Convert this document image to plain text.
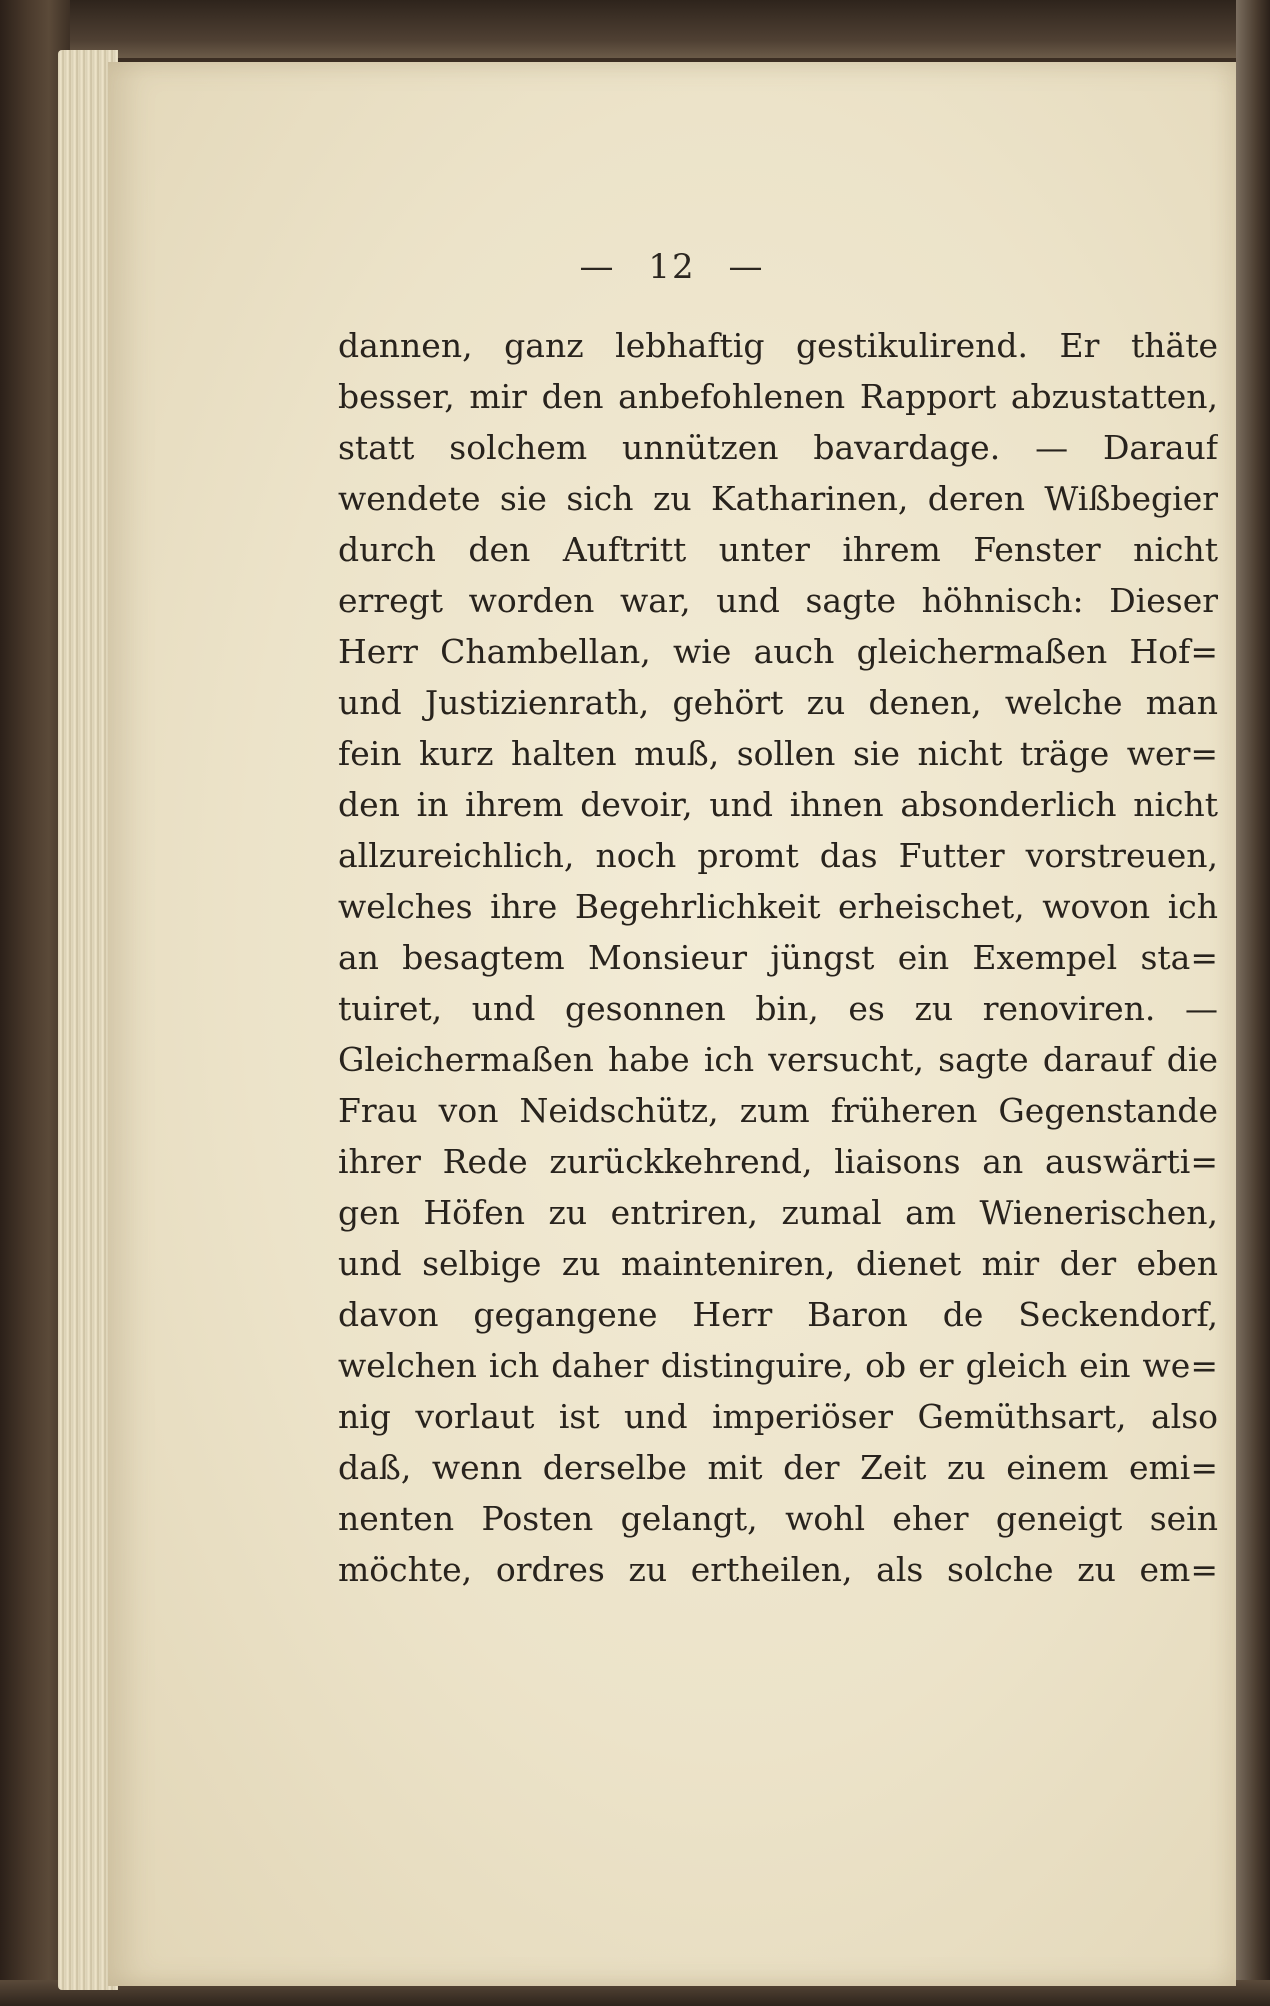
— 12 —
dannen, ganz lebhaftig gestikulirend. Er thäte
besser, mir den anbefohlenen Rapport abzustatten,
statt solchem unnützen bavardage. — Darauf
wendete sie sich zu Katharinen, deren Wißbegier
durch den Auftritt unter ihrem Fenster nicht
erregt worden war, und sagte höhnisch: Dieser
Herr Chambellan, wie auch gleichermaßen Hof=
und Justizienrath, gehört zu denen, welche man
fein kurz halten muß, sollen sie nicht träge wer=
den in ihrem devoir, und ihnen absonderlich nicht
allzureichlich, noch promt das Futter vorstreuen,
welches ihre Begehrlichkeit erheischet, wovon ich
an besagtem Monsieur jüngst ein Exempel sta=
tuiret, und gesonnen bin, es zu renoviren. —
Gleichermaßen habe ich versucht, sagte darauf die
Frau von Neidschütz, zum früheren Gegenstande
ihrer Rede zurückkehrend, liaisons an auswärti=
gen Höfen zu entriren, zumal am Wienerischen,
und selbige zu mainteniren, dienet mir der eben
davon gegangene Herr Baron de Seckendorf,
welchen ich daher distinguire, ob er gleich ein we=
nig vorlaut ist und imperiöser Gemüthsart, also
daß, wenn derselbe mit der Zeit zu einem emi=
nenten Posten gelangt, wohl eher geneigt sein
möchte, ordres zu ertheilen, als solche zu em=
